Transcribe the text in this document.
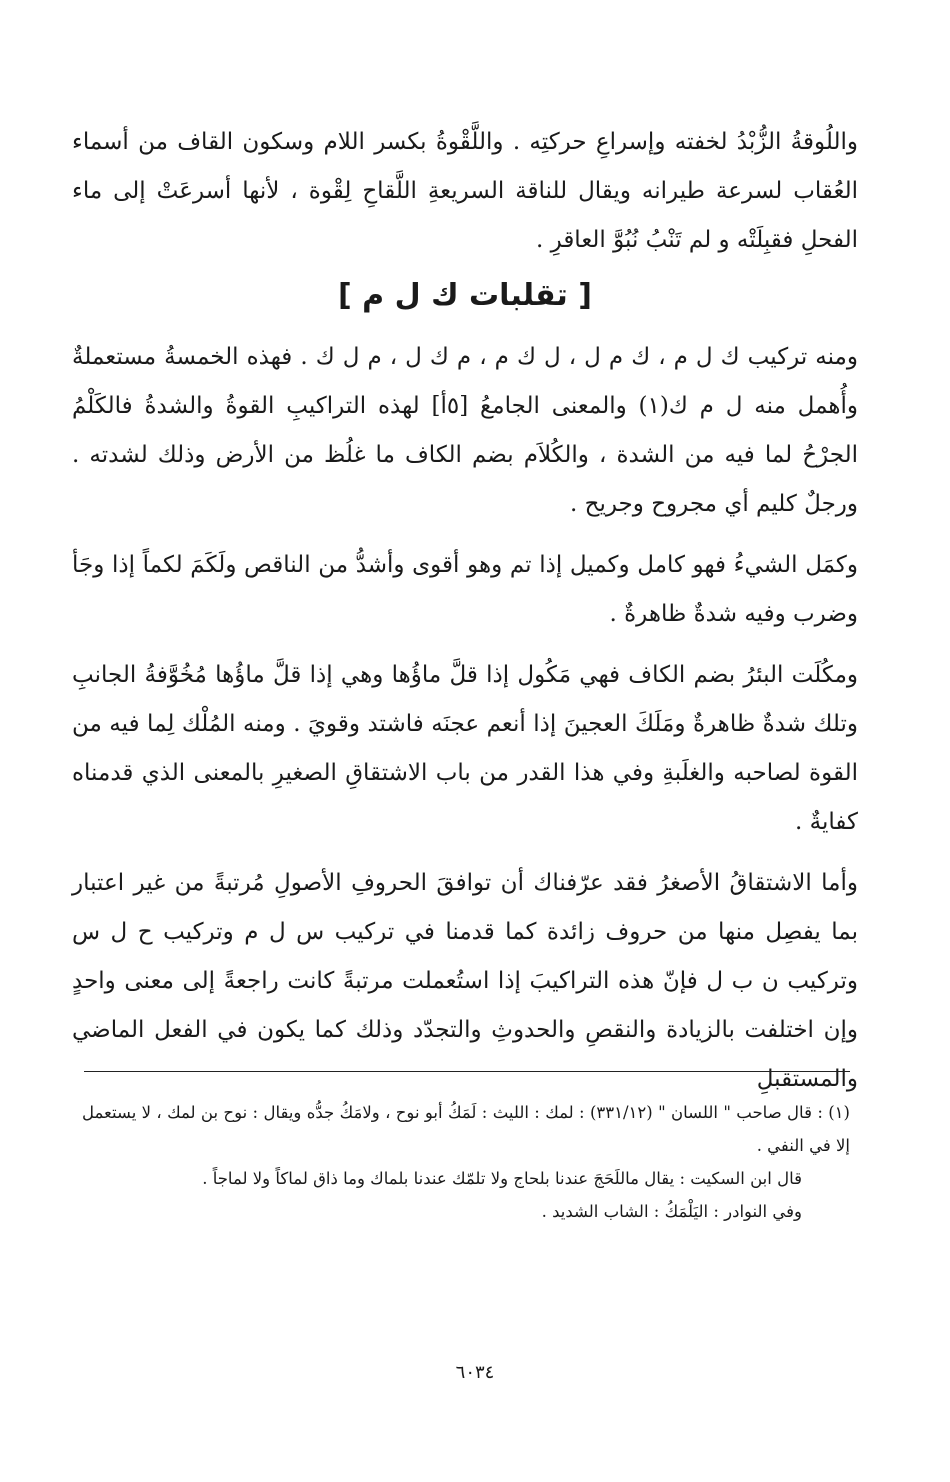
واللُوقةُ الزُّبْدُ لخفته وإسراعِ حركتِه . واللَّقْوةُ بكسر اللام وسكون القاف من أسماء العُقاب لسرعة طيرانه ويقال للناقة السريعةِ اللَّقاحِ لِقْوة ، لأنها أسرعَتْ إلى ماء الفحلِ فقبِلَتْه و لم تَنْبُ نُبُوَّ العاقرِ .

[ تقلبات ك ل م ]

ومنه تركيب ك ل م ، ك م ل ، ل ك م ، م ك ل ، م ل ك . فهذه الخمسةُ مستعملةٌ وأُهمل منه ل م ك(١) والمعنى الجامعُ [٥أ] لهذه التراكيبِ القوةُ والشدةُ فالكَلْمُ الجرْحُ لما فيه من الشدة ، والكُلاَم بضم الكاف ما غلُظ من الأرض وذلك لشدته . ورجلٌ كليم أي مجروح وجريح .

وكمَل الشيءُ فهو كامل وكميل إذا تم وهو أقوى وأشدُّ من الناقص ولَكَمَ لكماً إذا وجَأ وضرب وفيه شدةٌ ظاهرةٌ .

ومكُلَت البئرُ بضم الكاف فهي مَكُول إذا قلَّ ماؤُها وهي إذا قلَّ ماؤُها مُخُوَّفةُ الجانبِ وتلك شدةٌ ظاهرةٌ ومَلَكَ العجينَ إذا أنعم عجنَه فاشتد وقويَ . ومنه المُلْك لِما فيه من القوة لصاحبه والغلَبةِ وفي هذا القدر من باب الاشتقاقِ الصغيرِ بالمعنى الذي قدمناه كفايةٌ .

وأما الاشتقاقُ الأصغرُ فقد عرّفناك أن توافقَ الحروفِ الأصولِ مُرتبةً من غير اعتبار بما يفصِل منها من حروف زائدة كما قدمنا في تركيب س ل م وتركيب ح ل س وتركيب ن ب ل فإنّ هذه التراكيبَ إذا استُعملت مرتبةً كانت راجعةً إلى معنى واحدٍ وإن اختلفت بالزيادة والنقصِ والحدوثِ والتجدّد وذلك كما يكون في الفعل الماضي والمستقبلِ

(١) : قال صاحب " اللسان " (٣٣١/١٢) : لمك : الليث : لَمَكُ أبو نوح ، ولامَكُ جدُّه ويقال : نوح بن لمك ، لا يستعمل إلا في النفي .

قال ابن السكيت : يقال ماللَحَجَ عندنا بلحاج ولا تلمّك عندنا بلماك وما ذاق لماكاً ولا لماجاً .

وفي النوادر : اليَلْمَكُ : الشاب الشديد .

٦٠٣٤
